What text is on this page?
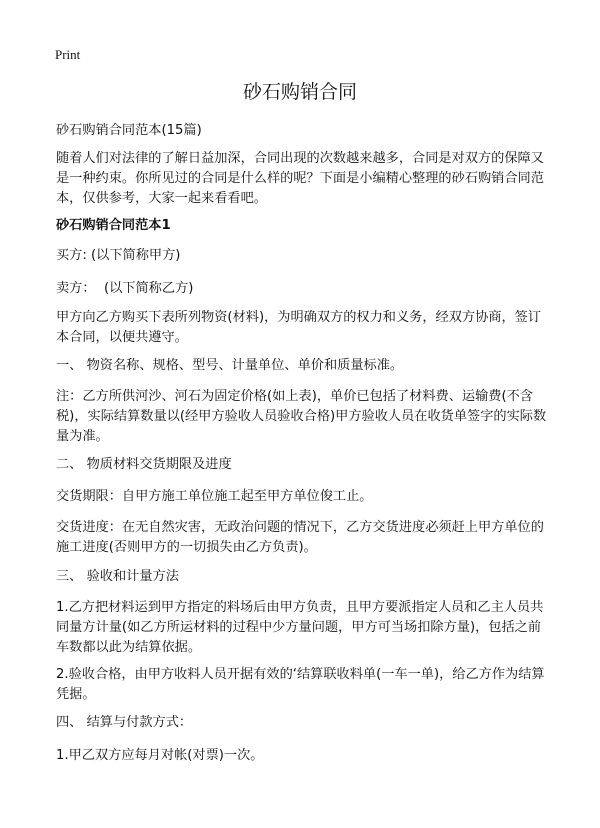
Print
砂石购销合同
砂石购销合同范本(15篇)
随着人们对法律的了解日益加深，合同出现的次数越来越多，合同是对双方的保障又是一种约束。你所见过的合同是什么样的呢？下面是小编精心整理的砂石购销合同范本，仅供参考，大家一起来看看吧。
砂石购销合同范本1
买方: (以下简称甲方)
卖方：  (以下简称乙方)
甲方向乙方购买下表所列物资(材料)，为明确双方的权力和义务，经双方协商，签订本合同，以便共遵守。
一、 物资名称、规格、型号、计量单位、单价和质量标准。
注：乙方所供河沙、河石为固定价格(如上表)，单价已包括了材料费、运输费(不含税)，实际结算数量以(经甲方验收人员验收合格)甲方验收人员在收货单签字的实际数量为准。
二、 物质材料交货期限及进度
交货期限：自甲方施工单位施工起至甲方单位俊工止。
交货进度：在无自然灾害，无政治问题的情况下，乙方交货进度必须赶上甲方单位的施工进度(否则甲方的一切损失由乙方负责)。
三、 验收和计量方法
1.乙方把材料运到甲方指定的料场后由甲方负责，且甲方要派指定人员和乙主人员共同量方计量(如乙方所运材料的过程中少方量问题，甲方可当场扣除方量)，包括之前车数都以此为结算依据。
2.验收合格，由甲方收料人员开据有效的‘结算联收料单(一车一单)，给乙方作为结算凭据。
四、 结算与付款方式：
1.甲乙双方应每月对帐(对票)一次。
